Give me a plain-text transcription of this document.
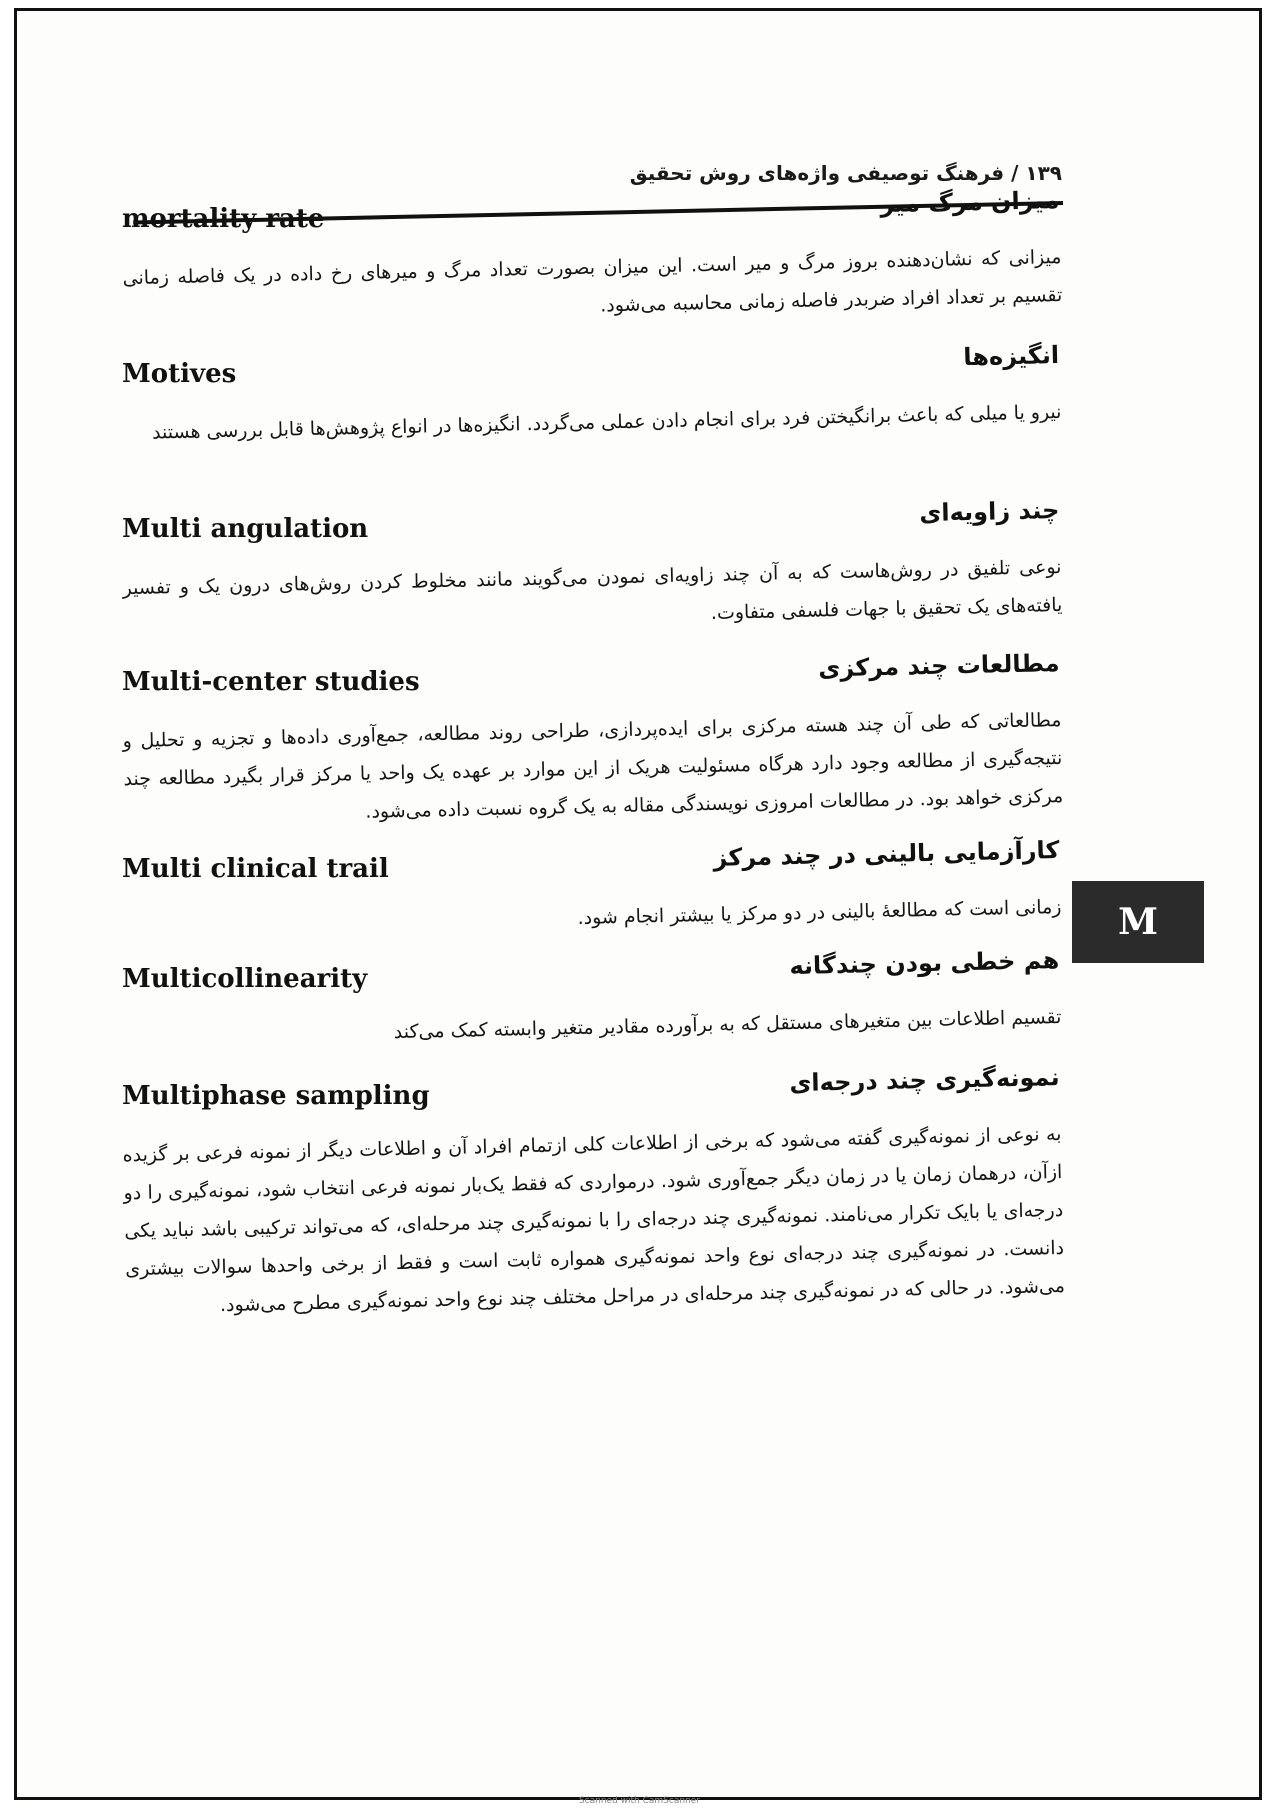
١٣٩ / فرهنگ توصیفی واژه‌های روش تحقیق
میزان مرگ میر
mortality rate
میزانی که نشان‌دهنده بروز مرگ و میر است. این میزان بصورت تعداد مرگ و میرهای رخ داده در یک فاصله زمانی تقسیم بر تعداد افراد ضربدر فاصله زمانی محاسبه می‌شود.
انگیزه‌ها
Motives
نیرو یا میلی که باعث برانگیختن فرد برای انجام دادن عملی می‌گردد. انگیزه‌ها در انواع پژوهش‌ها قابل بررسی هستند
چند زاویه‌ای
Multi angulation
نوعی تلفیق در روش‌هاست که به آن چند زاویه‌ای نمودن می‌گویند مانند مخلوط کردن روش‌های درون یک و تفسیر یافته‌های یک تحقیق با جهات فلسفی متفاوت.
مطالعات چند مرکزی
Multi-center studies
مطالعاتی که طی آن چند هسته مرکزی برای ایده‌پردازی، طراحی روند مطالعه، جمع‌آوری داده‌ها و تجزیه و تحلیل و نتیجه‌گیری از مطالعه وجود دارد هرگاه مسئولیت هریک از این موارد بر عهده یک واحد یا مرکز قرار بگیرد مطالعه چند مرکزی خواهد بود. در مطالعات امروزی نویسندگی مقاله به یک گروه نسبت داده می‌شود.
کارآزمایی بالینی در چند مرکز
Multi clinical trail
زمانی است که مطالعهٔ بالینی در دو مرکز یا بیشتر انجام شود.
هم خطی بودن چندگانه
Multicollinearity
تقسیم اطلاعات بین متغیرهای مستقل که به برآورده مقادیر متغیر وابسته کمک می‌کند
نمونه‌گیری چند درجه‌ای
Multiphase sampling
به نوعی از نمونه‌گیری گفته می‌شود که برخی از اطلاعات کلی ازتمام افراد آن و اطلاعات دیگر از نمونه فرعی بر گزیده ازآن، درهمان زمان یا در زمان دیگر جمع‌آوری شود. درمواردی که فقط یک‌بار نمونه فرعی انتخاب شود، نمونه‌گیری را دو درجه‌ای یا بایک تکرار می‌نامند. نمونه‌گیری چند درجه‌ای را با نمونه‌گیری چند مرحله‌ای، که می‌تواند ترکیبی باشد نباید یکی دانست. در نمونه‌گیری چند درجه‌ای نوع واحد نمونه‌گیری همواره ثابت است و فقط از برخی واحدها سوالات بیشتری می‌شود. در حالی که در نمونه‌گیری چند مرحله‌ای در مراحل مختلف چند نوع واحد نمونه‌گیری مطرح می‌شود.
M
Scanned with CamScanner
